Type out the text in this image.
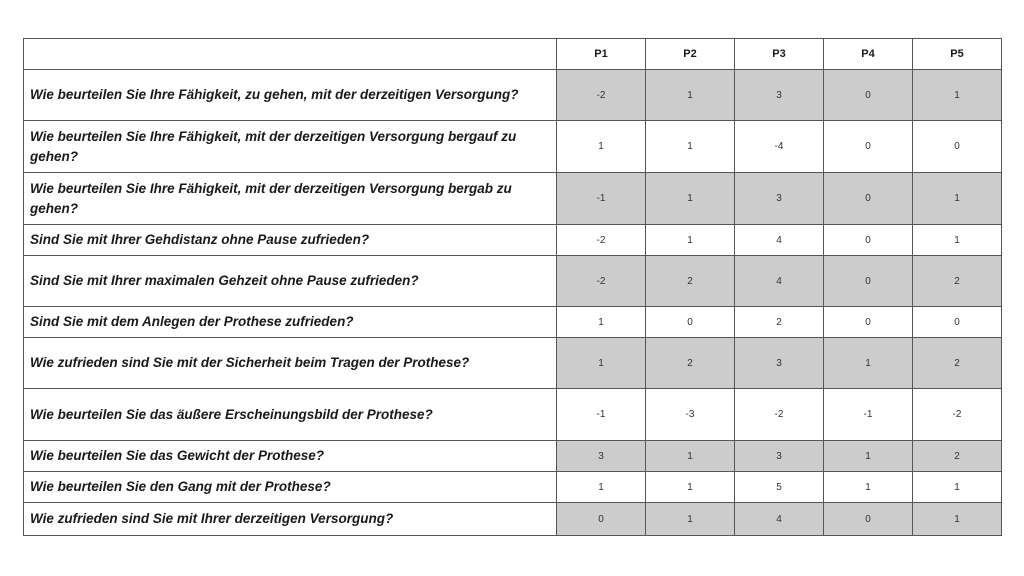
	P1	P2	P3	P4	P5
Wie beurteilen Sie Ihre Fähigkeit, zu gehen, mit der derzeitigen Versorgung?	-2	1	3	0	1
Wie beurteilen Sie Ihre Fähigkeit, mit der derzeitigen Versorgung bergauf zu gehen?	1	1	-4	0	0
Wie beurteilen Sie Ihre Fähigkeit, mit der derzeitigen Versorgung bergab zu gehen?	-1	1	3	0	1
Sind Sie mit Ihrer Gehdistanz ohne Pause zufrieden?	-2	1	4	0	1
Sind Sie mit Ihrer maximalen Gehzeit ohne Pause zufrieden?	-2	2	4	0	2
Sind Sie mit dem Anlegen der Prothese zufrieden?	1	0	2	0	0
Wie zufrieden sind Sie mit der Sicherheit beim Tragen der Prothese?	1	2	3	1	2
Wie beurteilen Sie das äußere Erscheinungsbild der Prothese?	-1	-3	-2	-1	-2
Wie beurteilen Sie das Gewicht der Prothese?	3	1	3	1	2
Wie beurteilen Sie den Gang mit der Prothese?	1	1	5	1	1
Wie zufrieden sind Sie mit Ihrer derzeitigen Versorgung?	0	1	4	0	1
